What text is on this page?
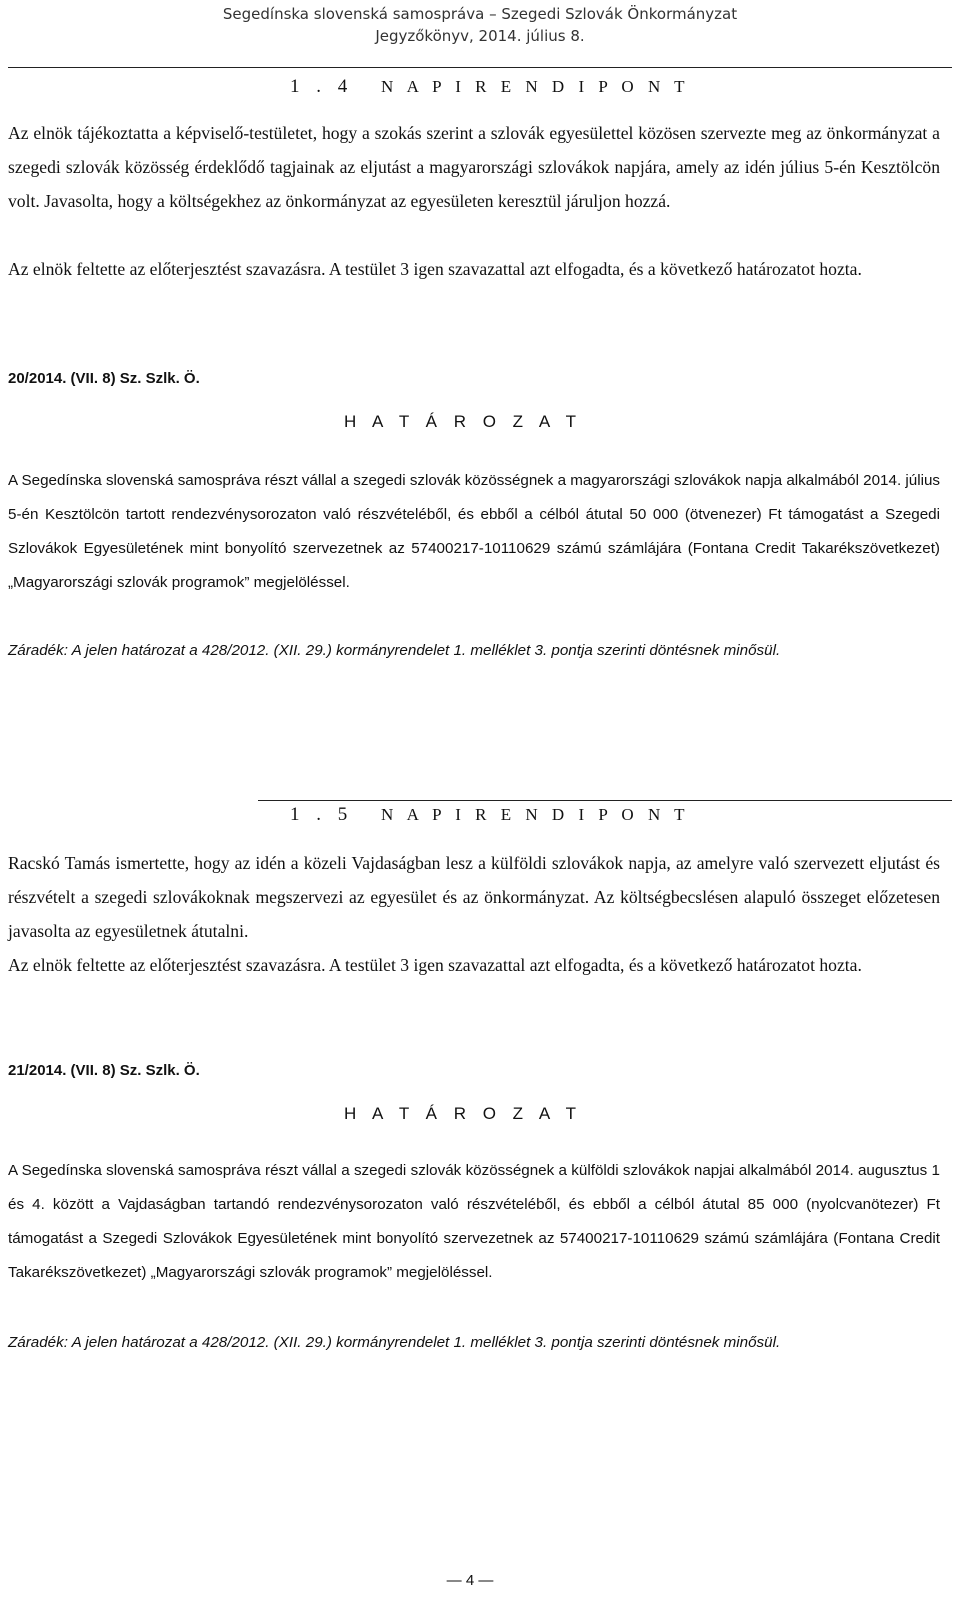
Segedínska slovenská samospráva – Szegedi Szlovák Önkormányzat
Jegyzőkönyv, 2014. július 8.
1 . 4 N A P I R E N D I P O N T

Az elnök tájékoztatta a képviselő-testületet, hogy a szokás szerint a szlovák egyesülettel közösen szervezte meg az önkormányzat a szegedi szlovák közösség érdeklődő tagjainak az eljutást a magyarországi szlovákok napjára, amely az idén július 5-én Kesztölcön volt. Javasolta, hogy a költségekhez az önkormányzat az egyesületen keresztül járuljon hozzá.

Az elnök feltette az előterjesztést szavazásra. A testület 3 igen szavazattal azt elfogadta, és a következő határozatot hozta.

20/2014. (VII. 8) Sz. Szlk. Ö.
H A T Á R O Z A T

A Segedínska slovenská samospráva részt vállal a szegedi szlovák közösségnek a magyarországi szlovákok napja alkalmából 2014. július 5-én Kesztölcön tartott rendezvénysorozaton való részvételéből, és ebből a célból átutal 50 000 (ötvenezer) Ft támogatást a Szegedi Szlovákok Egyesületének mint bonyolító szervezetnek az 57400217-10110629 számú számlájára (Fontana Credit Takarékszövetkezet) „Magyarországi szlovák programok” megjelöléssel.

Záradék: A jelen határozat a 428/2012. (XII. 29.) kormányrendelet 1. melléklet 3. pontja szerinti döntésnek minősül.

1 . 5 N A P I R E N D I P O N T

Racskó Tamás ismertette, hogy az idén a közeli Vajdaságban lesz a külföldi szlovákok napja, az amelyre való szervezett eljutást és részvételt a szegedi szlovákoknak megszervezi az egyesület és az önkormányzat. Az költségbecslésen alapuló összeget előzetesen javasolta az egyesületnek átutalni.

Az elnök feltette az előterjesztést szavazásra. A testület 3 igen szavazattal azt elfogadta, és a következő határozatot hozta.

21/2014. (VII. 8) Sz. Szlk. Ö.
H A T Á R O Z A T

A Segedínska slovenská samospráva részt vállal a szegedi szlovák közösségnek a külföldi szlovákok napjai alkalmából 2014. augusztus 1 és 4. között a Vajdaságban tartandó rendezvénysorozaton való részvételéből, és ebből a célból átutal 85 000 (nyolcvanötezer) Ft támogatást a Szegedi Szlovákok Egyesületének mint bonyolító szervezetnek az 57400217-10110629 számú számlájára (Fontana Credit Takarékszövetkezet) „Magyarországi szlovák programok” megjelöléssel.

Záradék: A jelen határozat a 428/2012. (XII. 29.) kormányrendelet 1. melléklet 3. pontja szerinti döntésnek minősül.

— 4 —
